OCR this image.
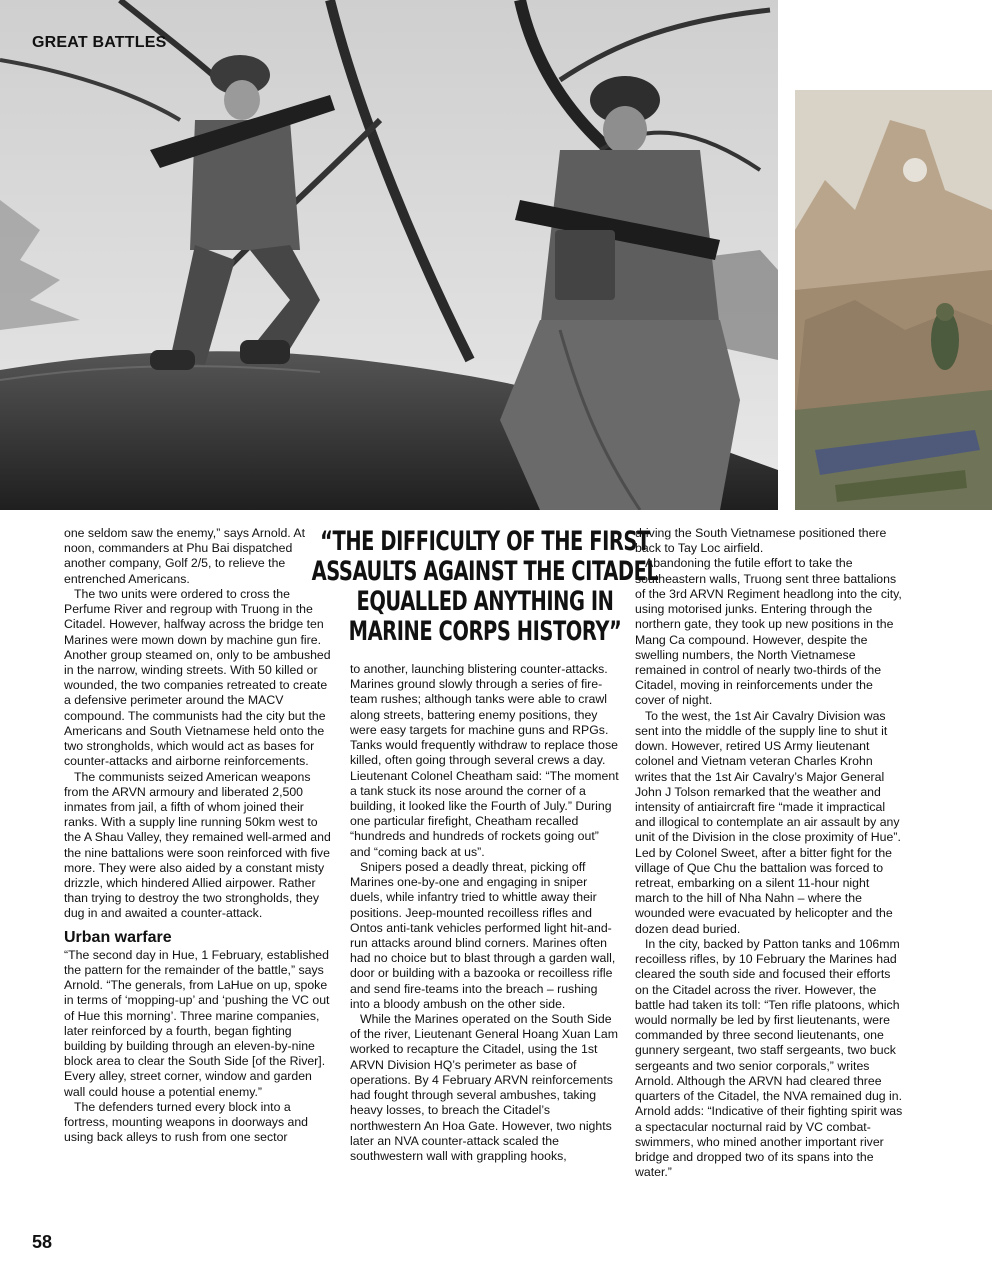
GREAT BATTLES

one seldom saw the enemy,” says Arnold. At noon, commanders at Phu Bai dispatched another company, Golf 2/5, to relieve the entrenched Americans.

The two units were ordered to cross the Perfume River and regroup with Truong in the Citadel. However, halfway across the bridge ten Marines were mown down by machine gun fire. Another group steamed on, only to be ambushed in the narrow, winding streets. With 50 killed or wounded, the two companies retreated to create a defensive perimeter around the MACV compound. The communists had the city but the Americans and South Vietnamese held onto the two strongholds, which would act as bases for counter-attacks and airborne reinforcements.

The communists seized American weapons from the ARVN armoury and liberated 2,500 inmates from jail, a fifth of whom joined their ranks. With a supply line running 50km west to the A Shau Valley, they remained well-armed and the nine battalions were soon reinforced with five more. They were also aided by a constant misty drizzle, which hindered Allied airpower. Rather than trying to destroy the two strongholds, they dug in and awaited a counter-attack.

Urban warfare

“The second day in Hue, 1 February, established the pattern for the remainder of the battle,” says Arnold. “The generals, from LaHue on up, spoke in terms of ‘mopping-up’ and ‘pushing the VC out of Hue this morning’. Three marine companies, later reinforced by a fourth, began fighting building by building through an eleven-by-nine block area to clear the South Side [of the River]. Every alley, street corner, window and garden wall could house a potential enemy.”

The defenders turned every block into a fortress, mounting weapons in doorways and using back alleys to rush from one sector

“THE DIFFICULTY OF THE FIRST
ASSAULTS AGAINST THE CITADEL
EQUALLED ANYTHING IN
MARINE CORPS HISTORY”

to another, launching blistering counter-attacks. Marines ground slowly through a series of fire-team rushes; although tanks were able to crawl along streets, battering enemy positions, they were easy targets for machine guns and RPGs. Tanks would frequently withdraw to replace those killed, often going through several crews a day. Lieutenant Colonel Cheatham said: “The moment a tank stuck its nose around the corner of a building, it looked like the Fourth of July.” During one particular firefight, Cheatham recalled “hundreds and hundreds of rockets going out” and “coming back at us”.

Snipers posed a deadly threat, picking off Marines one-by-one and engaging in sniper duels, while infantry tried to whittle away their positions. Jeep-mounted recoilless rifles and Ontos anti-tank vehicles performed light hit-and-run attacks around blind corners. Marines often had no choice but to blast through a garden wall, door or building with a bazooka or recoilless rifle and send fire-teams into the breach – rushing into a bloody ambush on the other side.

While the Marines operated on the South Side of the river, Lieutenant General Hoang Xuan Lam worked to recapture the Citadel, using the 1st ARVN Division HQ’s perimeter as base of operations. By 4 February ARVN reinforcements had fought through several ambushes, taking heavy losses, to breach the Citadel’s northwestern An Hoa Gate. However, two nights later an NVA counter-attack scaled the southwestern wall with grappling hooks,

driving the South Vietnamese positioned there back to Tay Loc airfield.

Abandoning the futile effort to take the southeastern walls, Truong sent three battalions of the 3rd ARVN Regiment headlong into the city, using motorised junks. Entering through the northern gate, they took up new positions in the Mang Ca compound. However, despite the swelling numbers, the North Vietnamese remained in control of nearly two-thirds of the Citadel, moving in reinforcements under the cover of night.

To the west, the 1st Air Cavalry Division was sent into the middle of the supply line to shut it down. However, retired US Army lieutenant colonel and Vietnam veteran Charles Krohn writes that the 1st Air Cavalry’s Major General John J Tolson remarked that the weather and intensity of antiaircraft fire “made it impractical and illogical to contemplate an air assault by any unit of the Division in the close proximity of Hue”. Led by Colonel Sweet, after a bitter fight for the village of Que Chu the battalion was forced to retreat, embarking on a silent 11-hour night march to the hill of Nha Nahn – where the wounded were evacuated by helicopter and the dozen dead buried.

In the city, backed by Patton tanks and 106mm recoilless rifles, by 10 February the Marines had cleared the south side and focused their efforts on the Citadel across the river. However, the battle had taken its toll: “Ten rifle platoons, which would normally be led by first lieutenants, were commanded by three second lieutenants, one gunnery sergeant, two staff sergeants, two buck sergeants and two senior corporals,” writes Arnold. Although the ARVN had cleared three quarters of the Citadel, the NVA remained dug in. Arnold adds: “Indicative of their fighting spirit was a spectacular nocturnal raid by VC combat-swimmers, who mined another important river bridge and dropped two of its spans into the water.”

58
